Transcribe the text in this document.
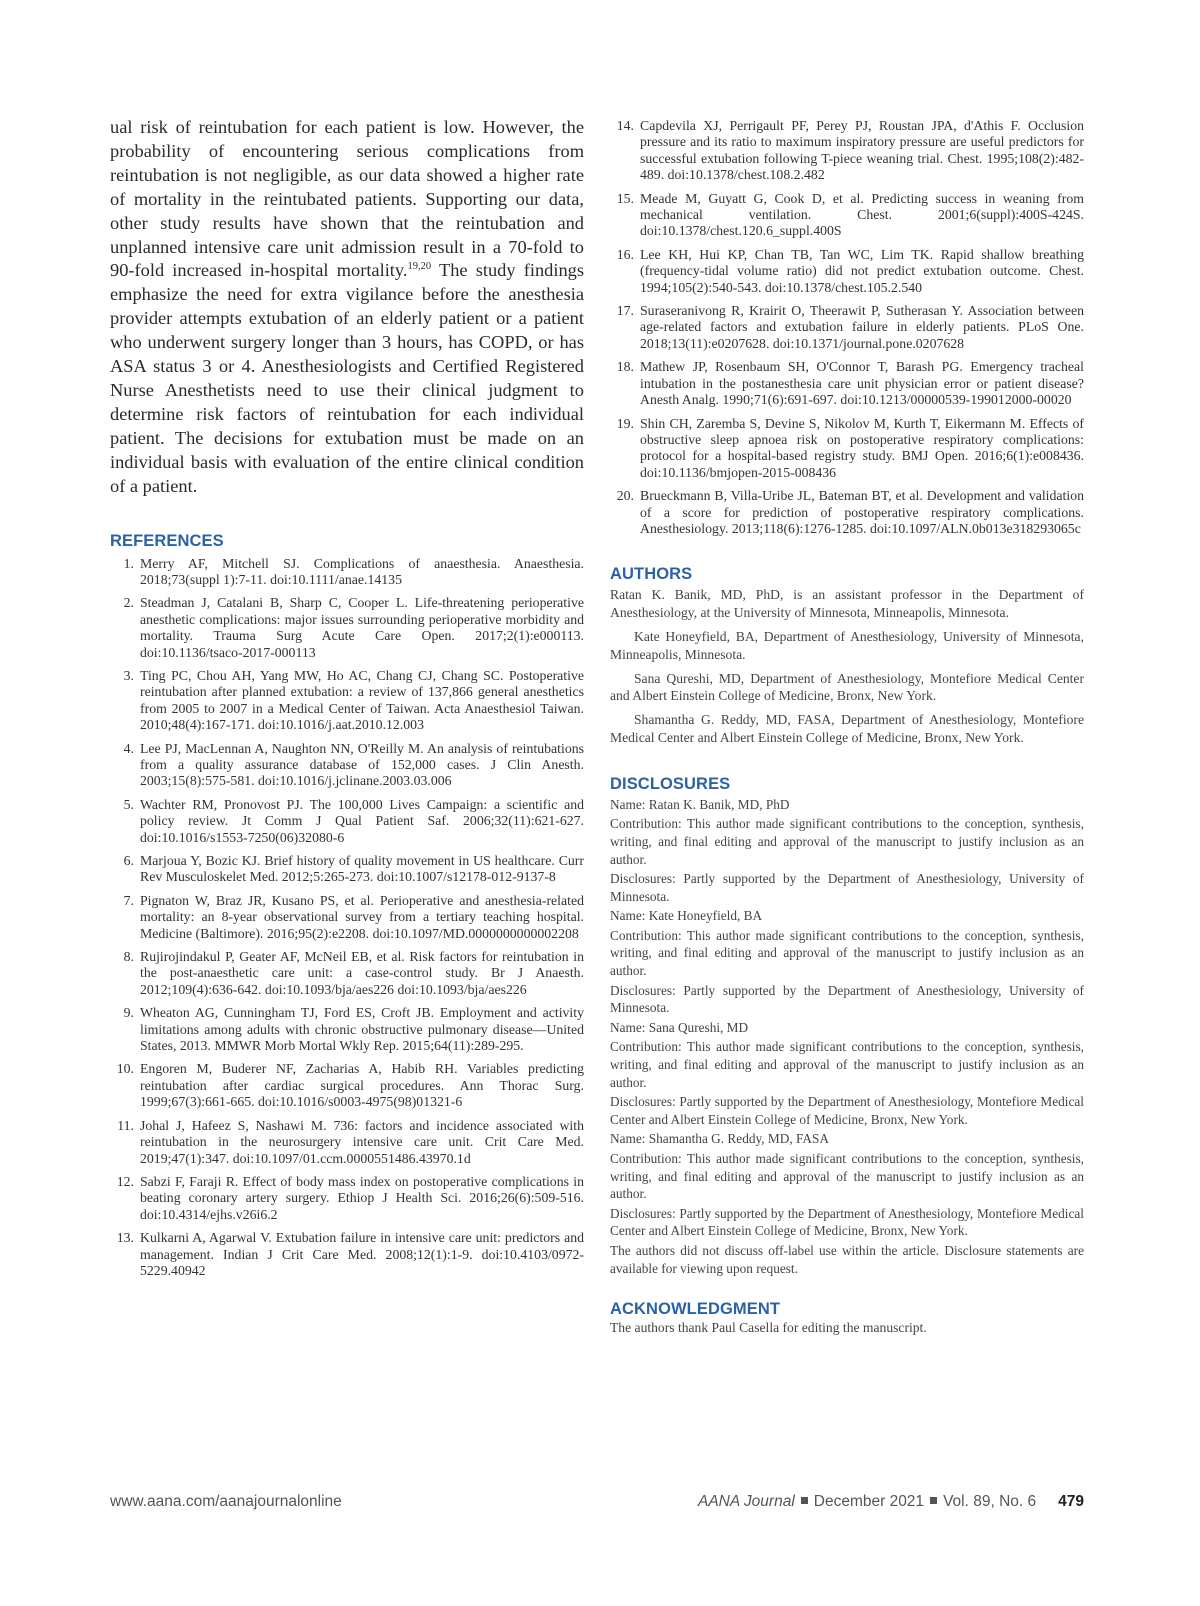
ual risk of reintubation for each patient is low. However, the probability of encountering serious complications from reintubation is not negligible, as our data showed a higher rate of mortality in the reintubated patients. Supporting our data, other study results have shown that the reintubation and unplanned intensive care unit admission result in a 70-fold to 90-fold increased in-hospital mortality.$^{19,20}$ The study findings emphasize the need for extra vigilance before the anesthesia provider attempts extubation of an elderly patient or a patient who underwent surgery longer than 3 hours, has COPD, or has ASA status 3 or 4. Anesthesiologists and Certified Registered Nurse Anesthetists need to use their clinical judgment to determine risk factors of reintubation for each individual patient. The decisions for extubation must be made on an individual basis with evaluation of the entire clinical condition of a patient.

REFERENCES
1. Merry AF, Mitchell SJ. Complications of anaesthesia. Anaesthesia. 2018;73(suppl 1):7-11. doi:10.1111/anae.14135
2. Steadman J, Catalani B, Sharp C, Cooper L. Life-threatening perioperative anesthetic complications: major issues surrounding perioperative morbidity and mortality. Trauma Surg Acute Care Open. 2017;2(1):e000113. doi:10.1136/tsaco-2017-000113
3. Ting PC, Chou AH, Yang MW, Ho AC, Chang CJ, Chang SC. Postoperative reintubation after planned extubation: a review of 137,866 general anesthetics from 2005 to 2007 in a Medical Center of Taiwan. Acta Anaesthesiol Taiwan. 2010;48(4):167-171. doi:10.1016/j.aat.2010.12.003
4. Lee PJ, MacLennan A, Naughton NN, O'Reilly M. An analysis of reintubations from a quality assurance database of 152,000 cases. J Clin Anesth. 2003;15(8):575-581. doi:10.1016/j.jclinane.2003.03.006
5. Wachter RM, Pronovost PJ. The 100,000 Lives Campaign: a scientific and policy review. Jt Comm J Qual Patient Saf. 2006;32(11):621-627. doi:10.1016/s1553-7250(06)32080-6
6. Marjoua Y, Bozic KJ. Brief history of quality movement in US healthcare. Curr Rev Musculoskelet Med. 2012;5:265-273. doi:10.1007/s12178-012-9137-8
7. Pignaton W, Braz JR, Kusano PS, et al. Perioperative and anesthesia-related mortality: an 8-year observational survey from a tertiary teaching hospital. Medicine (Baltimore). 2016;95(2):e2208. doi:10.1097/MD.0000000000002208
8. Rujirojindakul P, Geater AF, McNeil EB, et al. Risk factors for reintubation in the post-anaesthetic care unit: a case-control study. Br J Anaesth. 2012;109(4):636-642. doi:10.1093/bja/aes226 doi:10.1093/bja/aes226
9. Wheaton AG, Cunningham TJ, Ford ES, Croft JB. Employment and activity limitations among adults with chronic obstructive pulmonary disease—United States, 2013. MMWR Morb Mortal Wkly Rep. 2015;64(11):289-295.
10. Engoren M, Buderer NF, Zacharias A, Habib RH. Variables predicting reintubation after cardiac surgical procedures. Ann Thorac Surg. 1999;67(3):661-665. doi:10.1016/s0003-4975(98)01321-6
11. Johal J, Hafeez S, Nashawi M. 736: factors and incidence associated with reintubation in the neurosurgery intensive care unit. Crit Care Med. 2019;47(1):347. doi:10.1097/01.ccm.0000551486.43970.1d
12. Sabzi F, Faraji R. Effect of body mass index on postoperative complications in beating coronary artery surgery. Ethiop J Health Sci. 2016;26(6):509-516. doi:10.4314/ejhs.v26i6.2
13. Kulkarni A, Agarwal V. Extubation failure in intensive care unit: predictors and management. Indian J Crit Care Med. 2008;12(1):1-9. doi:10.4103/0972-5229.40942
14. Capdevila XJ, Perrigault PF, Perey PJ, Roustan JPA, d'Athis F. Occlusion pressure and its ratio to maximum inspiratory pressure are useful predictors for successful extubation following T-piece weaning trial. Chest. 1995;108(2):482-489. doi:10.1378/chest.108.2.482
15. Meade M, Guyatt G, Cook D, et al. Predicting success in weaning from mechanical ventilation. Chest. 2001;6(suppl):400S-424S. doi:10.1378/chest.120.6_suppl.400S
16. Lee KH, Hui KP, Chan TB, Tan WC, Lim TK. Rapid shallow breathing (frequency-tidal volume ratio) did not predict extubation outcome. Chest. 1994;105(2):540-543. doi:10.1378/chest.105.2.540
17. Suraseranivong R, Krairit O, Theerawit P, Sutherasan Y. Association between age-related factors and extubation failure in elderly patients. PLoS One. 2018;13(11):e0207628. doi:10.1371/journal.pone.0207628
18. Mathew JP, Rosenbaum SH, O'Connor T, Barash PG. Emergency tracheal intubation in the postanesthesia care unit physician error or patient disease? Anesth Analg. 1990;71(6):691-697. doi:10.1213/00000539-199012000-00020
19. Shin CH, Zaremba S, Devine S, Nikolov M, Kurth T, Eikermann M. Effects of obstructive sleep apnoea risk on postoperative respiratory complications: protocol for a hospital-based registry study. BMJ Open. 2016;6(1):e008436. doi:10.1136/bmjopen-2015-008436
20. Brueckmann B, Villa-Uribe JL, Bateman BT, et al. Development and validation of a score for prediction of postoperative respiratory complications. Anesthesiology. 2013;118(6):1276-1285. doi:10.1097/ALN.0b013e318293065c
AUTHORS

Ratan K. Banik, MD, PhD, is an assistant professor in the Department of Anesthesiology, at the University of Minnesota, Minneapolis, Minnesota.

Kate Honeyfield, BA, Department of Anesthesiology, University of Minnesota, Minneapolis, Minnesota.

Sana Qureshi, MD, Department of Anesthesiology, Montefiore Medical Center and Albert Einstein College of Medicine, Bronx, New York.

Shamantha G. Reddy, MD, FASA, Department of Anesthesiology, Montefiore Medical Center and Albert Einstein College of Medicine, Bronx, New York.

DISCLOSURES

Name: Ratan K. Banik, MD, PhD

Contribution: This author made significant contributions to the conception, synthesis, writing, and final editing and approval of the manuscript to justify inclusion as an author.

Disclosures: Partly supported by the Department of Anesthesiology, University of Minnesota.

Name: Kate Honeyfield, BA

Contribution: This author made significant contributions to the conception, synthesis, writing, and final editing and approval of the manuscript to justify inclusion as an author.

Disclosures: Partly supported by the Department of Anesthesiology, University of Minnesota.

Name: Sana Qureshi, MD

Contribution: This author made significant contributions to the conception, synthesis, writing, and final editing and approval of the manuscript to justify inclusion as an author.

Disclosures: Partly supported by the Department of Anesthesiology, Montefiore Medical Center and Albert Einstein College of Medicine, Bronx, New York.

Name: Shamantha G. Reddy, MD, FASA

Contribution: This author made significant contributions to the conception, synthesis, writing, and final editing and approval of the manuscript to justify inclusion as an author.

Disclosures: Partly supported by the Department of Anesthesiology, Montefiore Medical Center and Albert Einstein College of Medicine, Bronx, New York.

The authors did not discuss off-label use within the article. Disclosure statements are available for viewing upon request.

ACKNOWLEDGMENT

The authors thank Paul Casella for editing the manuscript.

www.aana.com/aanajournalonline	AANA Journal December 2021 Vol. 89, No. 6 479
